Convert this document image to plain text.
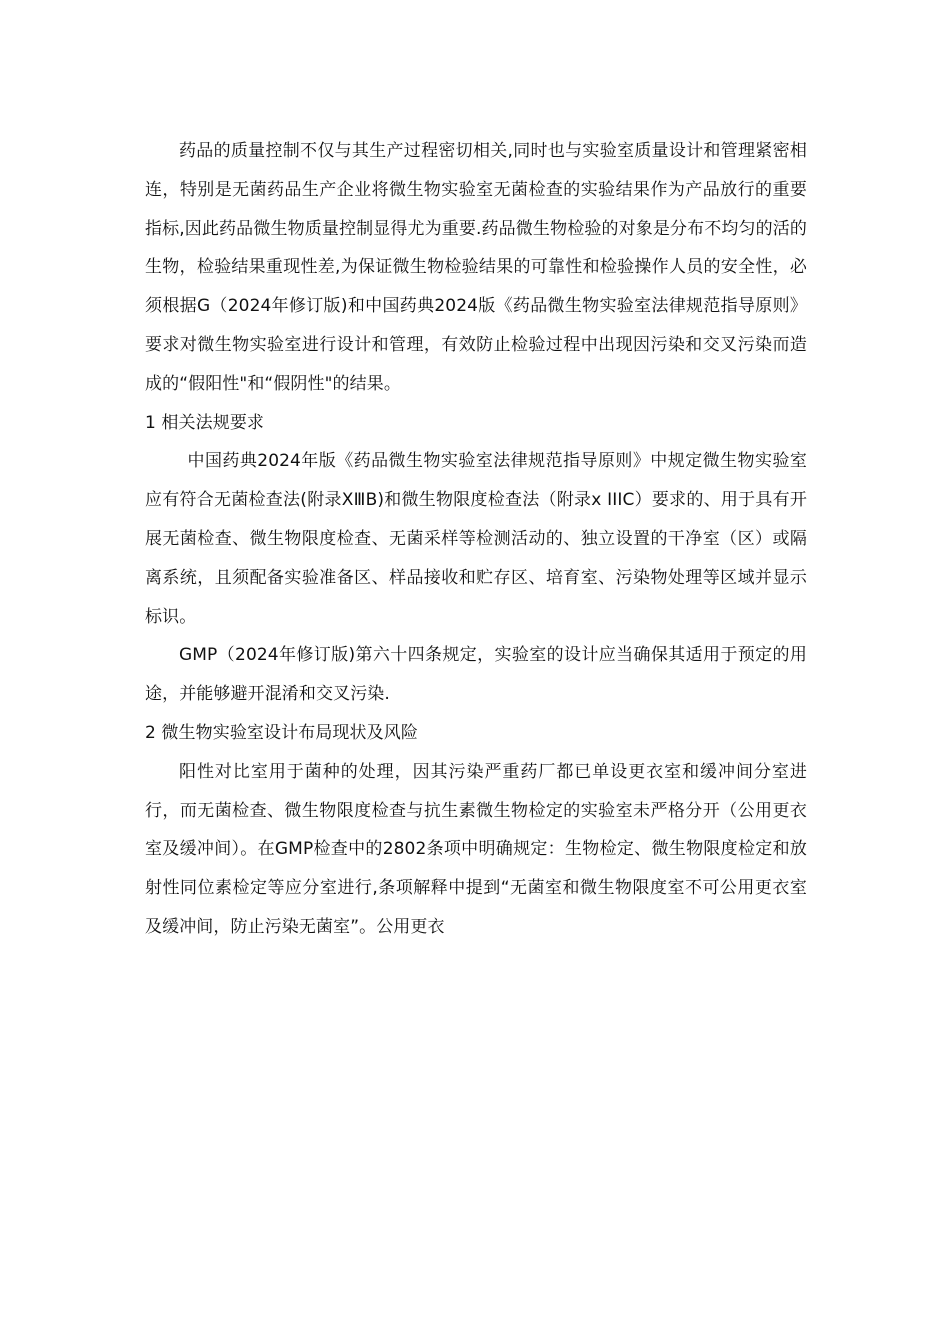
药品的质量控制不仅与其生产过程密切相关,同时也与实验室质量设计和管理紧密相连，特别是无菌药品生产企业将微生物实验室无菌检查的实验结果作为产品放行的重要指标,因此药品微生物质量控制显得尤为重要.药品微生物检验的对象是分布不均匀的活的生物，检验结果重现性差,为保证微生物检验结果的可靠性和检验操作人员的安全性，必须根据G（2024年修订版)和中国药典2024版《药品微生物实验室法律规范指导原则》要求对微生物实验室进行设计和管理，有效防止检验过程中出现因污染和交叉污染而造成的“假阳性"和“假阴性"的结果。

1 相关法规要求

中国药典2024年版《药品微生物实验室法律规范指导原则》中规定微生物实验室应有符合无菌检查法(附录XⅢB)和微生物限度检查法（附录x IIIC）要求的、用于具有开展无菌检查、微生物限度检查、无菌采样等检测活动的、独立设置的干净室（区）或隔离系统，且须配备实验准备区、样品接收和贮存区、培育室、污染物处理等区域并显示标识。

GMP（2024年修订版)第六十四条规定，实验室的设计应当确保其适用于预定的用途，并能够避开混淆和交叉污染.

2 微生物实验室设计布局现状及风险

阳性对比室用于菌种的处理，因其污染严重药厂都已单设更衣室和缓冲间分室进行，而无菌检查、微生物限度检查与抗生素微生物检定的实验室未严格分开（公用更衣室及缓冲间）。在GMP检查中的2802条项中明确规定：生物检定、微生物限度检定和放射性同位素检定等应分室进行,条项解释中提到“无菌室和微生物限度室不可公用更衣室及缓冲间，防止污染无菌室”。公用更衣
